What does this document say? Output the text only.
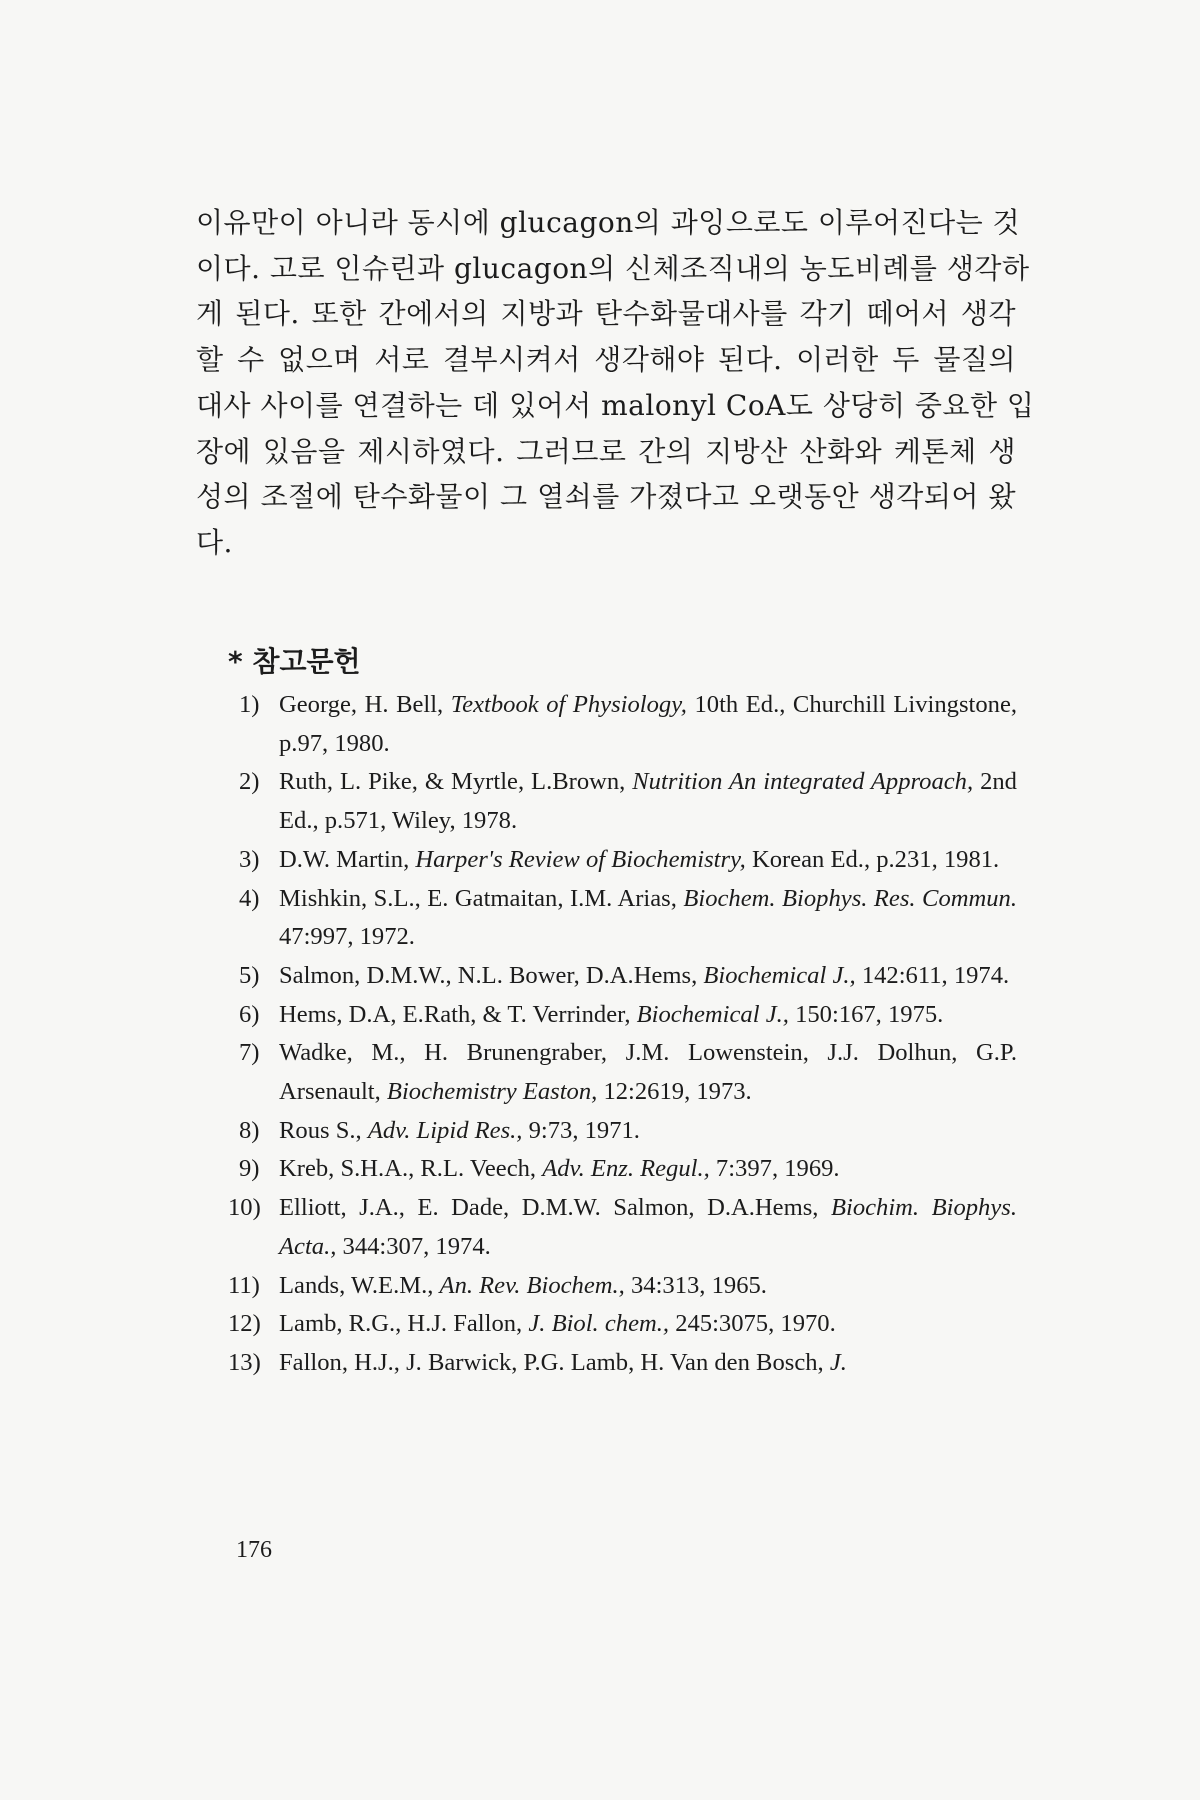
이유만이 아니라 동시에 glucagon의 과잉으로도 이루어진다는 것
이다. 고로 인슈린과 glucagon의 신체조직내의 농도비례를 생각하
게 된다. 또한 간에서의 지방과 탄수화물대사를 각기 떼어서 생각
할 수 없으며 서로 결부시켜서 생각해야 된다. 이러한 두 물질의
대사 사이를 연결하는 데 있어서 malonyl CoA도 상당히 중요한 입
장에 있음을 제시하였다. 그러므로 간의 지방산 산화와 케톤체 생
성의 조절에 탄수화물이 그 열쇠를 가졌다고 오랫동안 생각되어 왔
다.
* 참고문헌
1) George, H. Bell, Textbook of Physiology, 10th Ed., Churchill Livingstone, p.97, 1980.
2) Ruth, L. Pike, & Myrtle, L.Brown, Nutrition An integrated Approach, 2nd Ed., p.571, Wiley, 1978.
3) D.W. Martin, Harper's Review of Biochemistry, Korean Ed., p.231, 1981.
4) Mishkin, S.L., E. Gatmaitan, I.M. Arias, Biochem. Biophys. Res. Commun. 47:997, 1972.
5) Salmon, D.M.W., N.L. Bower, D.A.Hems, Biochemical J., 142:611, 1974.
6) Hems, D.A, E.Rath, & T. Verrinder, Biochemical J., 150:167, 1975.
7) Wadke, M., H. Brunengraber, J.M. Lowenstein, J.J. Dolhun, G.P. Arsenault, Biochemistry Easton, 12:2619, 1973.
8) Rous S., Adv. Lipid Res., 9:73, 1971.
9) Kreb, S.H.A., R.L. Veech, Adv. Enz. Regul., 7:397, 1969.
10) Elliott, J.A., E. Dade, D.M.W. Salmon, D.A.Hems, Biochim. Biophys. Acta., 344:307, 1974.
11) Lands, W.E.M., An. Rev. Biochem., 34:313, 1965.
12) Lamb, R.G., H.J. Fallon, J. Biol. chem., 245:3075, 1970.
13) Fallon, H.J., J. Barwick, P.G. Lamb, H. Van den Bosch, J.
176
